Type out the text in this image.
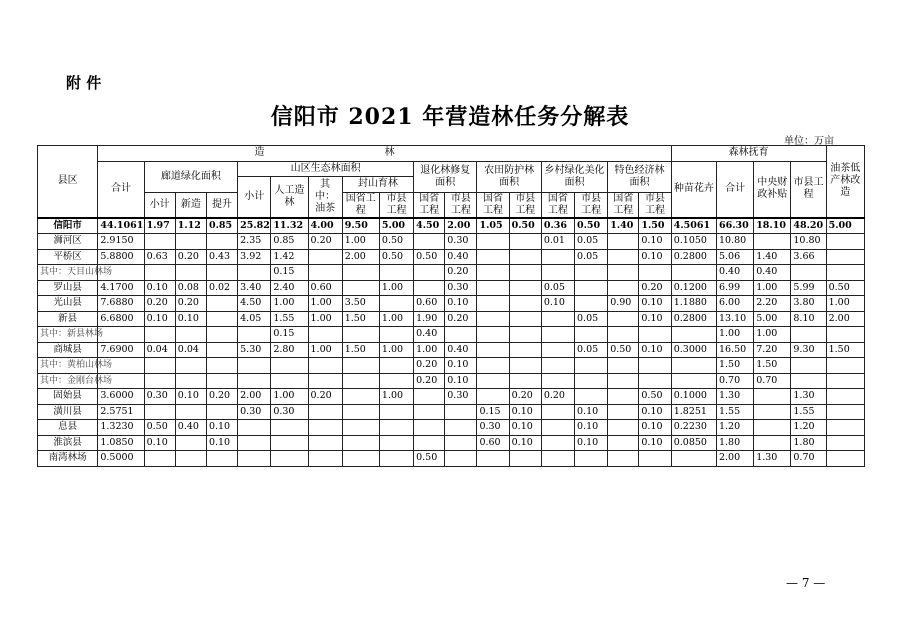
附 件
信阳市 2021 年营造林任务分解表
单位：万亩
县区	造林																	森林抚育				油茶低产林改造
	合计	廊道绿化面积			山区生态林面积					退化林修复面积		农田防护林面积		乡村绿化美化面积		特色经济林面积		种苗花卉	合计	中央财政补贴	市县工程	
					小计	人工造林	其中：油茶	封山育林														
		小计	新造	提升				国省工程	市县工程	国省工程	市县工程	国省工程	市县工程	国省工程	市县工程	国省工程	市县工程					

信阳市	44.1061	1.97	1.12	0.85	25.82	11.32	4.00	9.50	5.00	4.50	2.00	1.05	0.50	0.36	0.50	1.40	1.50	4.5061	66.30	18.10	48.20	5.00
浉河区	2.9150				2.35	0.85	0.20	1.00	0.50		0.30			0.01	0.05		0.10	0.1050	10.80		10.80	
平桥区	5.8800	0.63	0.20	0.43	3.92	1.42		2.00	0.50	0.50	0.40				0.05		0.10	0.2800	5.06	1.40	3.66	
其中：天目山林场						0.15					0.20								0.40	0.40		
罗山县	4.1700	0.10	0.08	0.02	3.40	2.40	0.60		1.00		0.30			0.05			0.20	0.1200	6.99	1.00	5.99	0.50
光山县	7.6880	0.20	0.20		4.50	1.00	1.00	3.50		0.60	0.10			0.10		0.90	0.10	1.1880	6.00	2.20	3.80	1.00
新县	6.6800	0.10	0.10		4.05	1.55	1.00	1.50	1.00	1.90	0.20				0.05		0.10	0.2800	13.10	5.00	8.10	2.00
其中：新县林场						0.15				0.40									1.00	1.00		
商城县	7.6900	0.04	0.04		5.30	2.80	1.00	1.50	1.00	1.00	0.40				0.05	0.50	0.10	0.3000	16.50	7.20	9.30	1.50
其中：黄柏山林场										0.20	0.10								1.50	1.50		
其中：金刚台林场										0.20	0.10								0.70	0.70		
固始县	3.6000	0.30	0.10	0.20	2.00	1.00	0.20		1.00		0.30		0.20	0.20			0.50	0.1000	1.30		1.30	
潢川县	2.5751				0.30	0.30						0.15	0.10		0.10		0.10	1.8251	1.55		1.55	
息县	1.3230	0.50	0.40	0.10								0.30	0.10		0.10		0.10	0.2230	1.20		1.20	
淮滨县	1.0850	0.10		0.10								0.60	0.10		0.10		0.10	0.0850	1.80		1.80	
南湾林场	0.5000									0.50									2.00	1.30	0.70	
— 7 —
